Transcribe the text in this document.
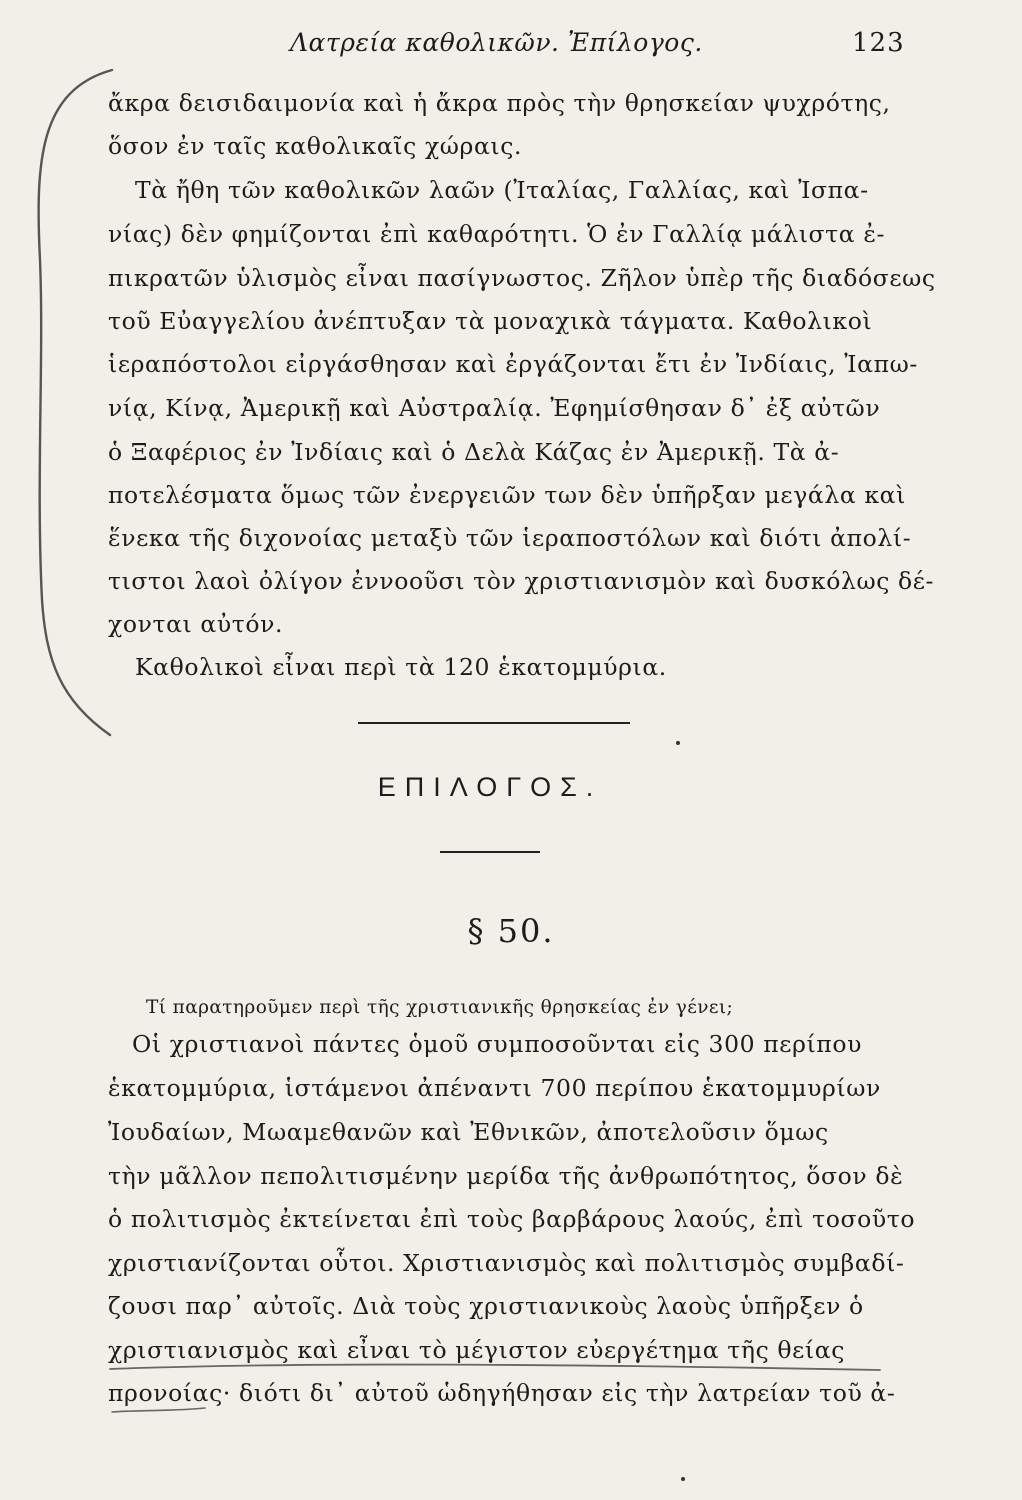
Λατρεία καθολικῶν. Ἐπίλογος.	123
ἄκρα δεισιδαιμονία καὶ ἡ ἄκρα πρὸς τὴν θρησκείαν ψυχρότης,
ὅσον ἐν ταῖς καθολικαῖς χώραις.
Τὰ ἤθη τῶν καθολικῶν λαῶν (Ἰταλίας, Γαλλίας, καὶ Ἰσπα-
νίας) δὲν φημίζονται ἐπὶ καθαρότητι. Ὁ ἐν Γαλλίᾳ μάλιστα ἐ-
πικρατῶν ὑλισμὸς εἶναι πασίγνωστος. Ζῆλον ὑπὲρ τῆς διαδόσεως
τοῦ Εὐαγγελίου ἀνέπτυξαν τὰ μοναχικὰ τάγματα. Καθολικοὶ
ἱεραπόστολοι εἰργάσθησαν καὶ ἐργάζονται ἔτι ἐν Ἰνδίαις, Ἰαπω-
νίᾳ, Κίνᾳ, Ἀμερικῇ καὶ Αὐστραλίᾳ. Ἐφημίσθησαν δ᾽ ἐξ αὐτῶν
ὁ Ξαφέριος ἐν Ἰνδίαις καὶ ὁ Δελὰ Κάζας ἐν Ἀμερικῇ. Τὰ ἀ-
ποτελέσματα ὅμως τῶν ἐνεργειῶν των δὲν ὑπῆρξαν μεγάλα καὶ
ἕνεκα τῆς διχονοίας μεταξὺ τῶν ἱεραποστόλων καὶ διότι ἀπολί-
τιστοι λαοὶ ὀλίγον ἐννοοῦσι τὸν χριστιανισμὸν καὶ δυσκόλως δέ-
χονται αὐτόν.
Καθολικοὶ εἶναι περὶ τὰ 120 ἑκατομμύρια.
ΕΠΙΛΟΓΟΣ.
§ 50.
Τί παρατηροῦμεν περὶ τῆς χριστιανικῆς θρησκείας ἐν γένει;
Οἱ χριστιανοὶ πάντες ὁμοῦ συμποσοῦνται εἰς 300 περίπου
ἑκατομμύρια, ἱστάμενοι ἀπέναντι 700 περίπου ἑκατομμυρίων
Ἰουδαίων, Μωαμεθανῶν καὶ Ἐθνικῶν, ἀποτελοῦσιν ὅμως
τὴν μᾶλλον πεπολιτισμένην μερίδα τῆς ἀνθρωπότητος, ὅσον δὲ
ὁ πολιτισμὸς ἐκτείνεται ἐπὶ τοὺς βαρβάρους λαούς, ἐπὶ τοσοῦτο
χριστιανίζονται οὗτοι. Χριστιανισμὸς καὶ πολιτισμὸς συμβαδί-
ζουσι παρ᾽ αὐτοῖς. Διὰ τοὺς χριστιανικοὺς λαοὺς ὑπῆρξεν ὁ
χριστιανισμὸς καὶ εἶναι τὸ μέγιστον εὐεργέτημα τῆς θείας
προνοίας· διότι δι᾽ αὐτοῦ ὡδηγήθησαν εἰς τὴν λατρείαν τοῦ ἀ-
